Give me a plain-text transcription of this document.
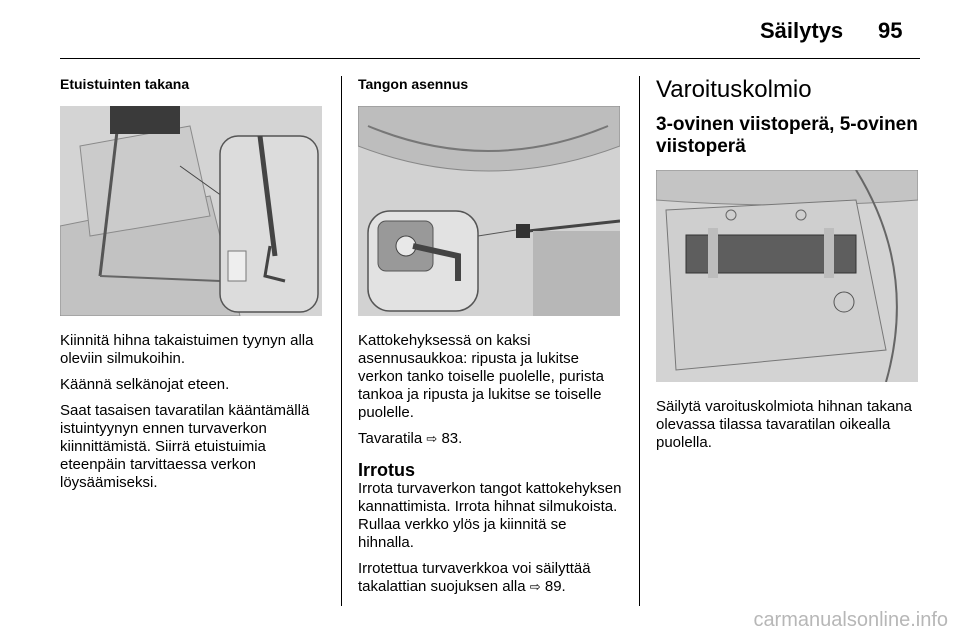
Säilytys 95
Etuistuinten takana

Kiinnitä hihna takaistuimen tyynyn alla oleviin silmukoihin.

Käännä selkänojat eteen.

Saat tasaisen tavaratilan kääntämällä istuintyynyn ennen turvaverkon kiinnittämistä. Siirrä etuistuimia eteenpäin tarvittaessa verkon löysäämiseksi.

Tangon asennus

Kattokehyksessä on kaksi asennusaukkoa: ripusta ja lukitse verkon tanko toiselle puolelle, purista tankoa ja ripusta ja lukitse se toiselle puolelle.

Tavaratila ⇨ 83.

Irrotus

Irrota turvaverkon tangot kattokehyksen kannattimista. Irrota hihnat silmukoista. Rullaa verkko ylös ja kiinnitä se hihnalla.

Irrotettua turvaverkkoa voi säilyttää takalattian suojuksen alla ⇨ 89.

Varoituskolmio
3-ovinen viistoperä, 5-ovinen viistoperä

Säilytä varoituskolmiota hihnan takana olevassa tilassa tavaratilan oikealla puolella.

carmanualsonline.info
